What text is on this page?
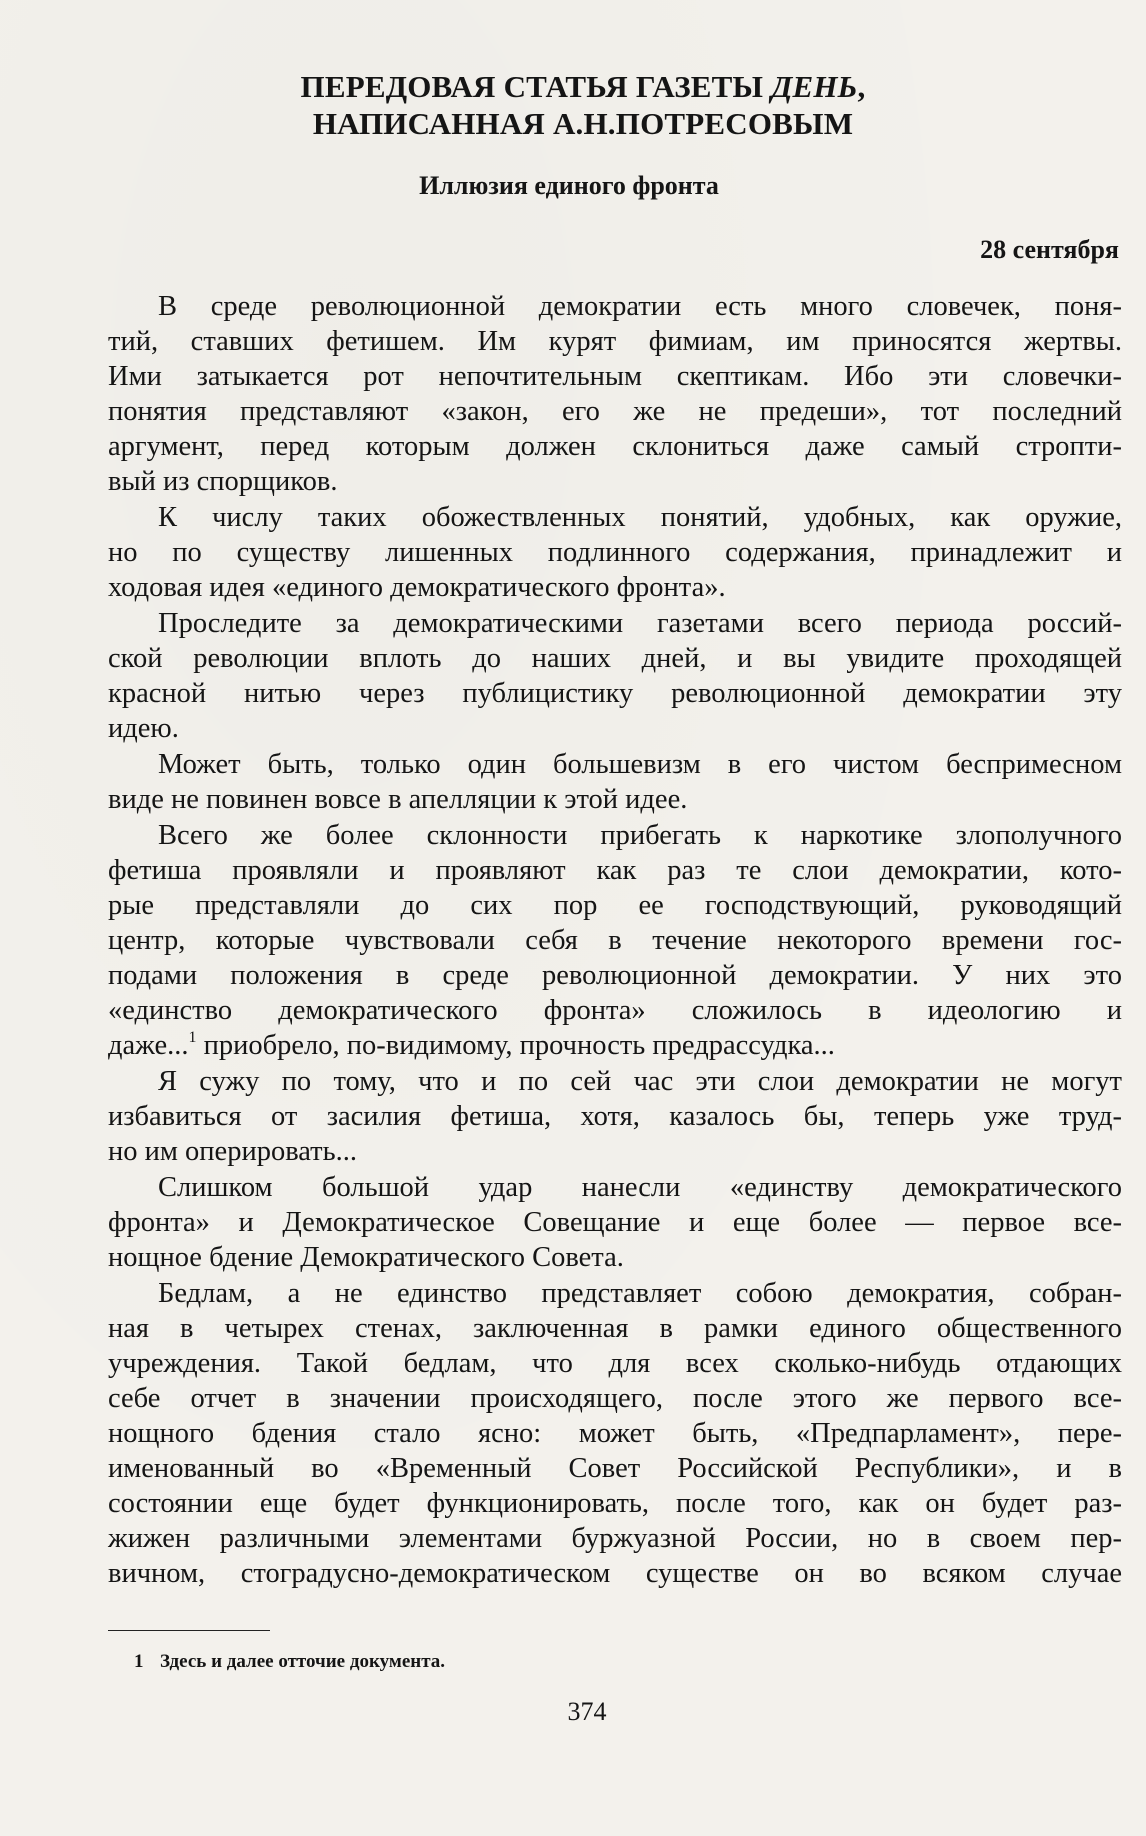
ПЕРЕДОВАЯ СТАТЬЯ ГАЗЕТЫ ДЕНЬ,
НАПИСАННАЯ А.Н.ПОТРЕСОВЫМ
Иллюзия единого фронта
28 сентября
В среде революционной демократии есть много словечек, поня-
тий, ставших фетишем. Им курят фимиам, им приносятся жертвы.
Ими затыкается рот непочтительным скептикам. Ибо эти словечки-
понятия представляют «закон, его же не предеши», тот последний
аргумент, перед которым должен склониться даже самый стропти-
вый из спорщиков.
К числу таких обожествленных понятий, удобных, как оружие,
но по существу лишенных подлинного содержания, принадлежит и
ходовая идея «единого демократического фронта».
Проследите за демократическими газетами всего периода россий-
ской революции вплоть до наших дней, и вы увидите проходящей
красной нитью через публицистику революционной демократии эту
идею.
Может быть, только один большевизм в его чистом беспримесном
виде не повинен вовсе в апелляции к этой идее.
Всего же более склонности прибегать к наркотике злополучного
фетиша проявляли и проявляют как раз те слои демократии, кото-
рые представляли до сих пор ее господствующий, руководящий
центр, которые чувствовали себя в течение некоторого времени гос-
подами положения в среде революционной демократии. У них это
«единство демократического фронта» сложилось в идеологию и
даже...$^1$ приобрело, по-видимому, прочность предрассудка...
Я сужу по тому, что и по сей час эти слои демократии не могут
избавиться от засилия фетиша, хотя, казалось бы, теперь уже труд-
но им оперировать...
Слишком большой удар нанесли «единству демократического
фронта» и Демократическое Совещание и еще более — первое все-
нощное бдение Демократического Совета.
Бедлам, а не единство представляет собою демократия, собран-
ная в четырех стенах, заключенная в рамки единого общественного
учреждения. Такой бедлам, что для всех сколько-нибудь отдающих
себе отчет в значении происходящего, после этого же первого все-
нощного бдения стало ясно: может быть, «Предпарламент», пере-
именованный во «Временный Совет Российской Республики», и в
состоянии еще будет функционировать, после того, как он будет раз-
жижен различными элементами буржуазной России, но в своем пер-
вичном, стоградусно-демократическом существе он во всяком случае
1 Здесь и далее отточие документа.
374
